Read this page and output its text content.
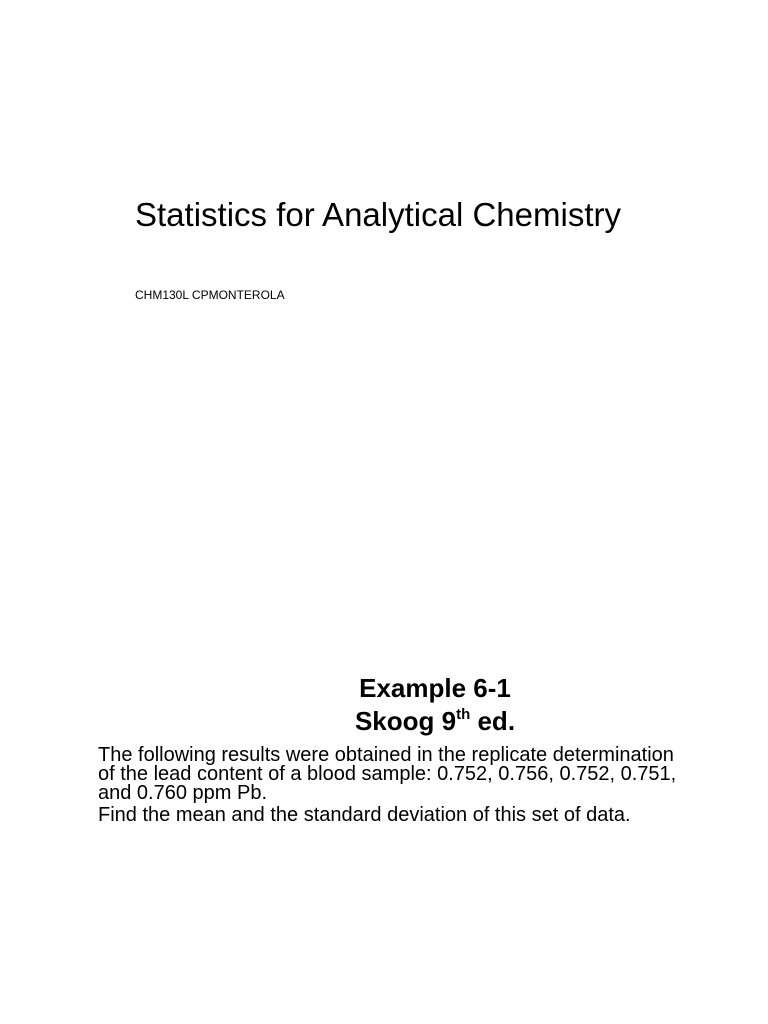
Statistics for Analytical Chemistry
CHM130L CPMONTEROLA
Example 6-1
Skoog 9th ed.

The following results were obtained in the replicate determination of the lead content of a blood sample: 0.752, 0.756, 0.752, 0.751, and 0.760 ppm Pb.

Find the mean and the standard deviation of this set of data.
